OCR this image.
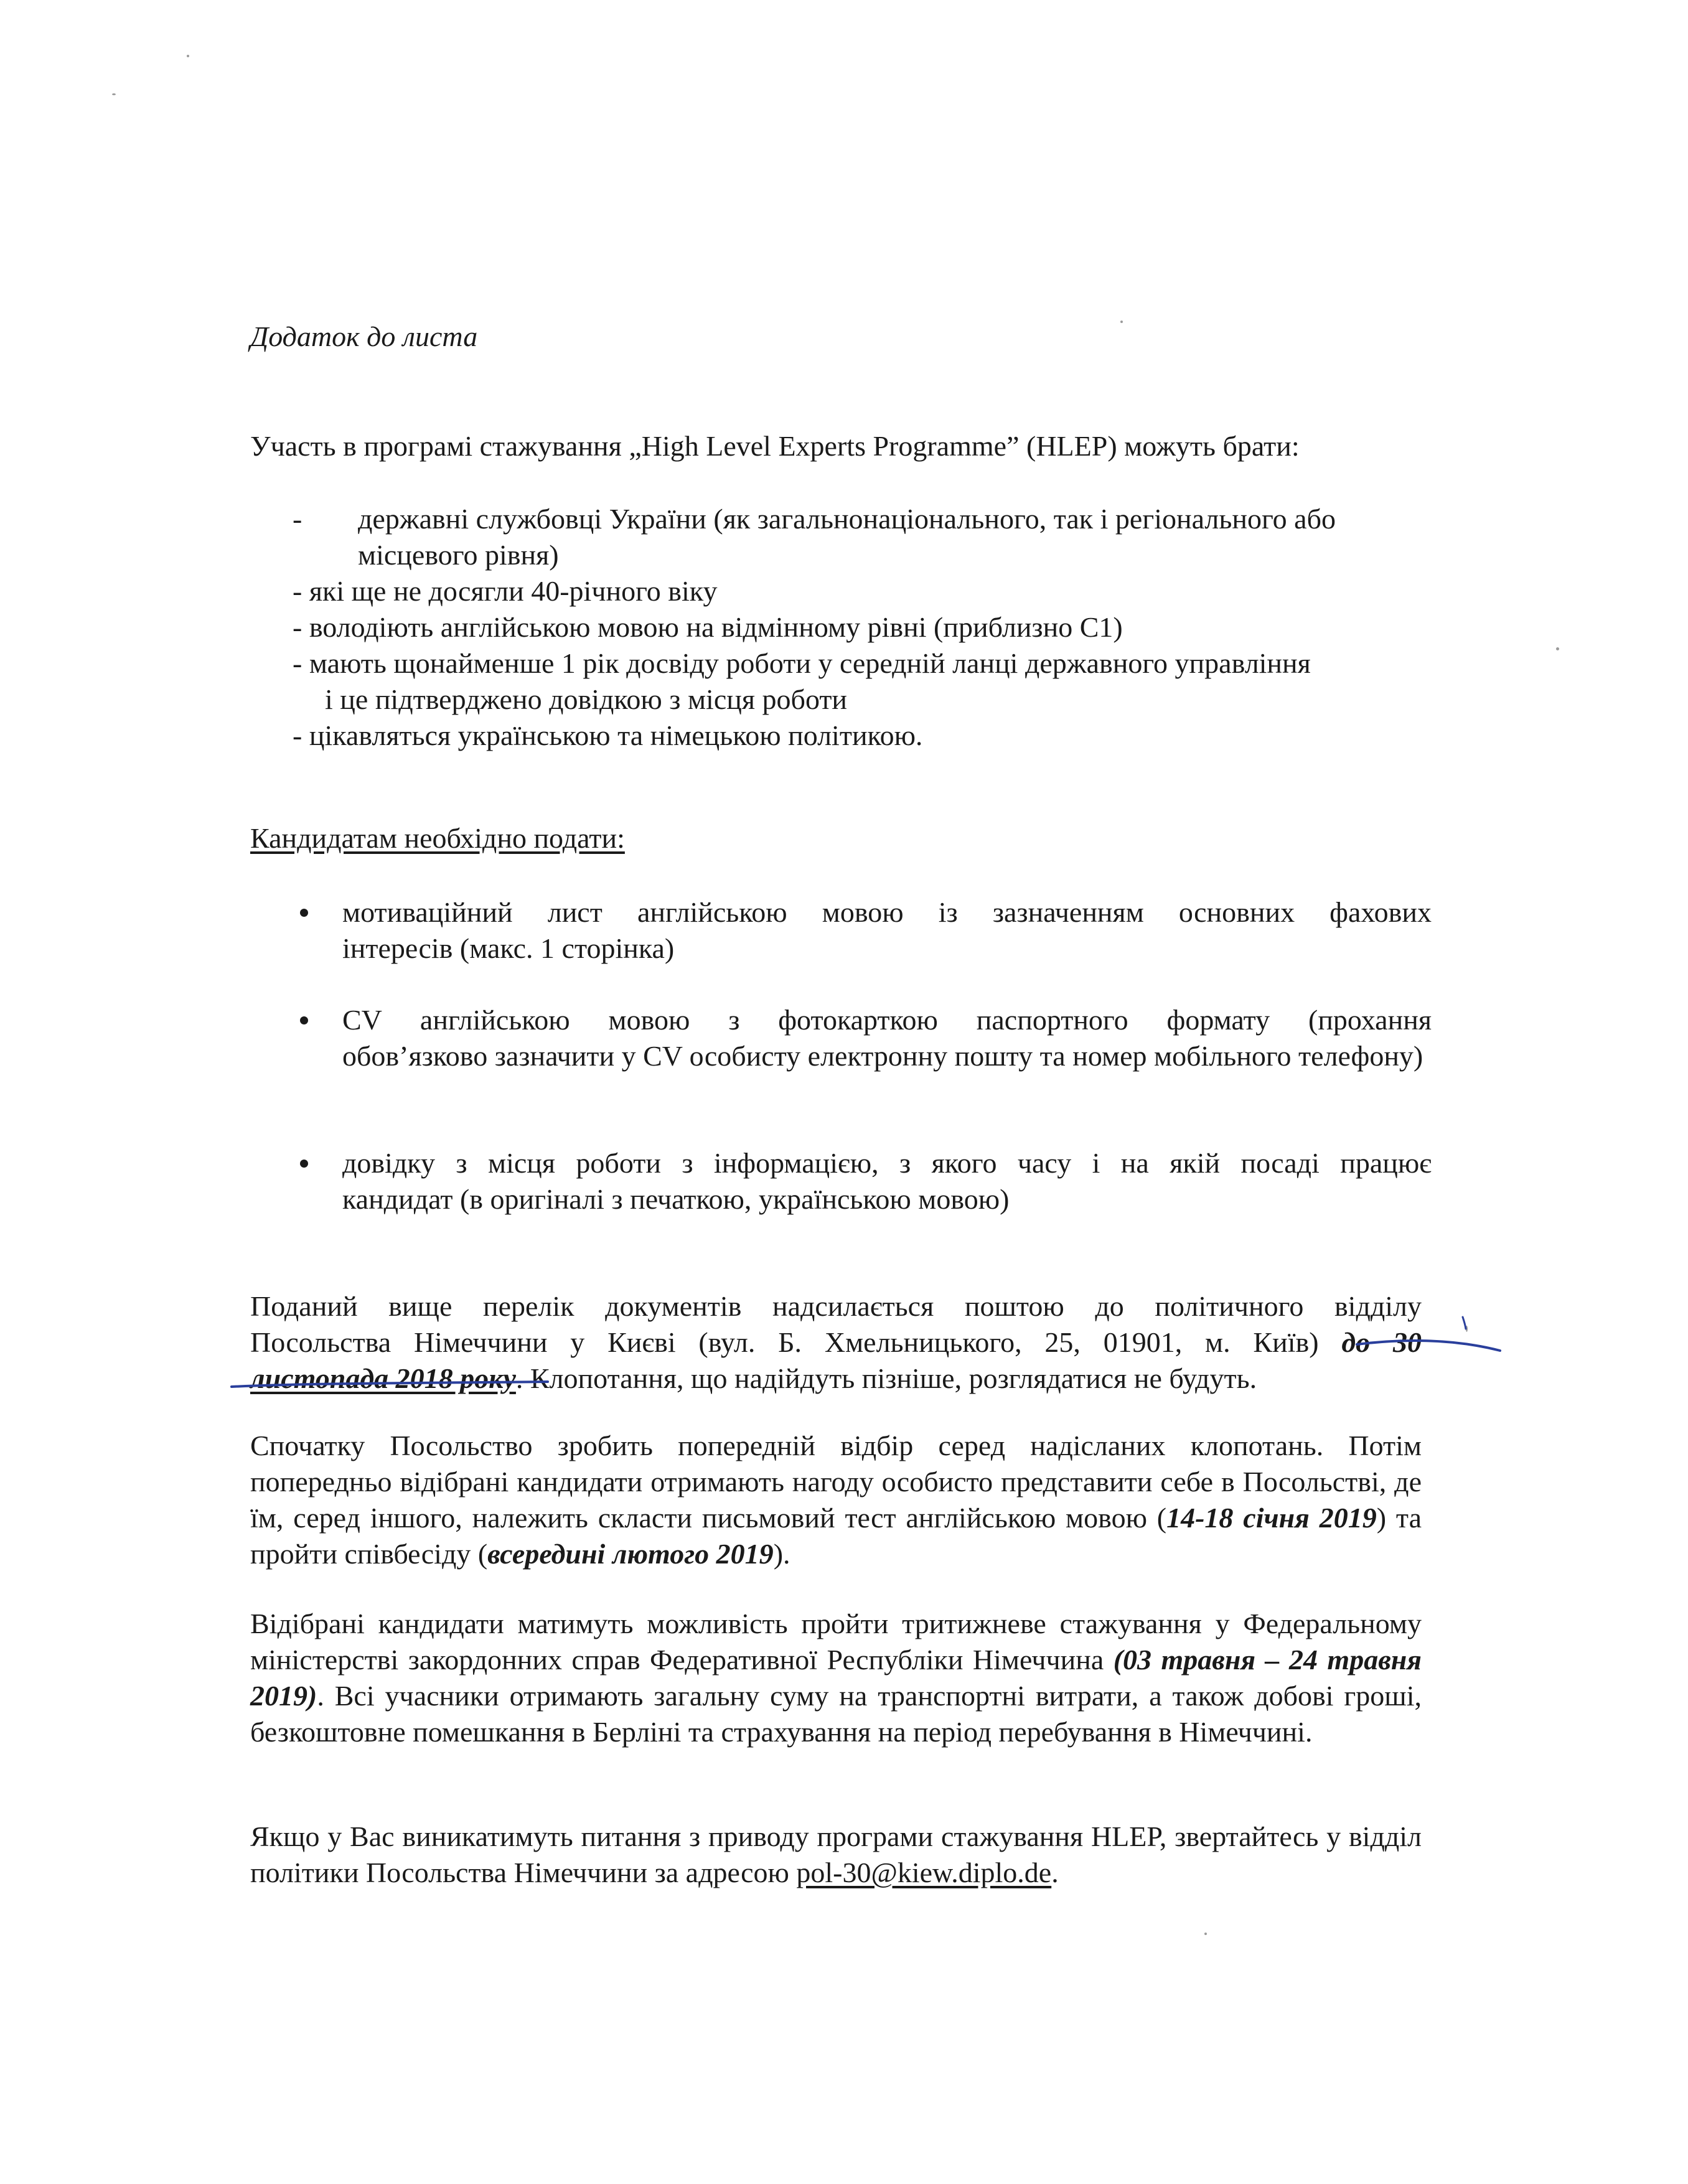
Додаток до листа
Участь в програмі стажування „High Level Experts Programme” (HLEP) можуть брати:
-	державні службовці України (як загальнонаціонального, так і регіонального або
місцевого рівня)
- які ще не досягли 40-річного віку
- володіють англійською мовою на відмінному рівні (приблизно С1)
- мають щонайменше 1 рік досвіду роботи у середній ланці державного управління
і це підтверджено довідкою з місця роботи
- цікавляться українською та німецькою політикою.
Кандидатам необхідно подати:
мотиваційний лист англійською мовою із зазначенням основних фахових
інтересів (макс. 1 сторінка)
CV англійською мовою з фотокарткою паспортного формату (прохання
обов’язково зазначити у CV особисту електронну пошту та номер мобільного телефону)
довідку з місця роботи з інформацією, з якого часу і на якій посаді працює
кандидат (в оригіналі з печаткою, українською мовою)
Поданий вище перелік документів надсилається поштою до політичного відділу
Посольства Німеччини у Києві (вул. Б. Хмельницького, 25, 01901, м. Київ) до 30
листопада 2018 року. Клопотання, що надійдуть пізніше, розглядатися не будуть.
Спочатку Посольство зробить попередній відбір серед надісланих клопотань. Потім попередньо відібрані кандидати отримають нагоду особисто представити себе в Посольстві, де їм, серед іншого, належить скласти письмовий тест англійською мовою (14-18 січня 2019) та пройти співбесіду (всередині лютого 2019).
Відібрані кандидати матимуть можливість пройти тритижневе стажування у Федеральному міністерстві закордонних справ Федеративної Республіки Німеччина (03 травня – 24 травня 2019). Всі учасники отримають загальну суму на транспортні витрати, а також добові гроші, безкоштовне помешкання в Берліні та страхування на період перебування в Німеччині.
Якщо у Вас виникатимуть питання з приводу програми стажування HLEP, звертайтесь у відділ політики Посольства Німеччини за адресою pol-30@kiew.diplo.de.
